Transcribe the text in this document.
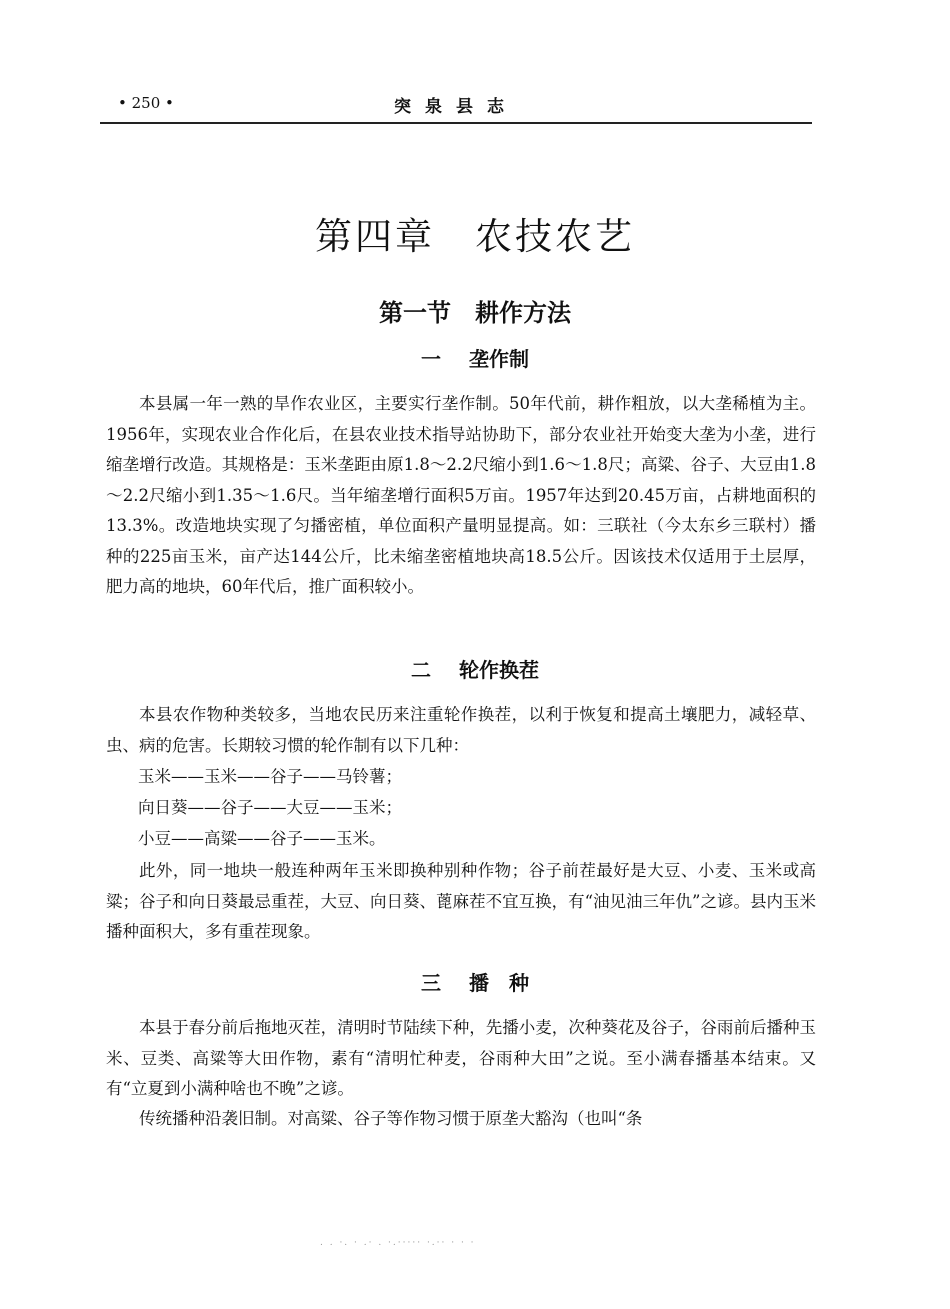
• 250 •	突泉县志
第四章　农技农艺
第一节　耕作方法
一 垄作制

本县属一年一熟的旱作农业区，主要实行垄作制。50年代前，耕作粗放，以大垄稀植为主。1956年，实现农业合作化后，在县农业技术指导站协助下，部分农业社开始变大垄为小垄，进行缩垄增行改造。其规格是：玉米垄距由原1.8～2.2尺缩小到1.6～1.8尺；高粱、谷子、大豆由1.8～2.2尺缩小到1.35～1.6尺。当年缩垄增行面积5万亩。1957年达到20.45万亩，占耕地面积的13.3%。改造地块实现了匀播密植，单位面积产量明显提高。如：三联社（今太东乡三联村）播种的225亩玉米，亩产达144公斤，比未缩垄密植地块高18.5公斤。因该技术仅适用于土层厚，肥力高的地块，60年代后，推广面积较小。

二 轮作换茬

本县农作物种类较多，当地农民历来注重轮作换茬，以利于恢复和提高土壤肥力，减轻草、虫、病的危害。长期较习惯的轮作制有以下几种：

玉米——玉米——谷子——马铃薯；

向日葵——谷子——大豆——玉米；

小豆——高粱——谷子——玉米。

此外，同一地块一般连种两年玉米即换种别种作物；谷子前茬最好是大豆、小麦、玉米或高粱；谷子和向日葵最忌重茬，大豆、向日葵、蓖麻茬不宜互换，有“油见油三年仇”之谚。县内玉米播种面积大，多有重茬现象。

三 播　种

本县于春分前后拖地灭茬，清明时节陆续下种，先播小麦，次种葵花及谷子，谷雨前后播种玉米、豆类、高粱等大田作物，素有“清明忙种麦，谷雨种大田”之说。至小满春播基本结束。又有“立夏到小满种啥也不晚”之谚。

传统播种沿袭旧制。对高粱、谷子等作物习惯于原垄大豁沟（也叫“条

. . ·. · .· . ·.····· ·.·· · · ·
